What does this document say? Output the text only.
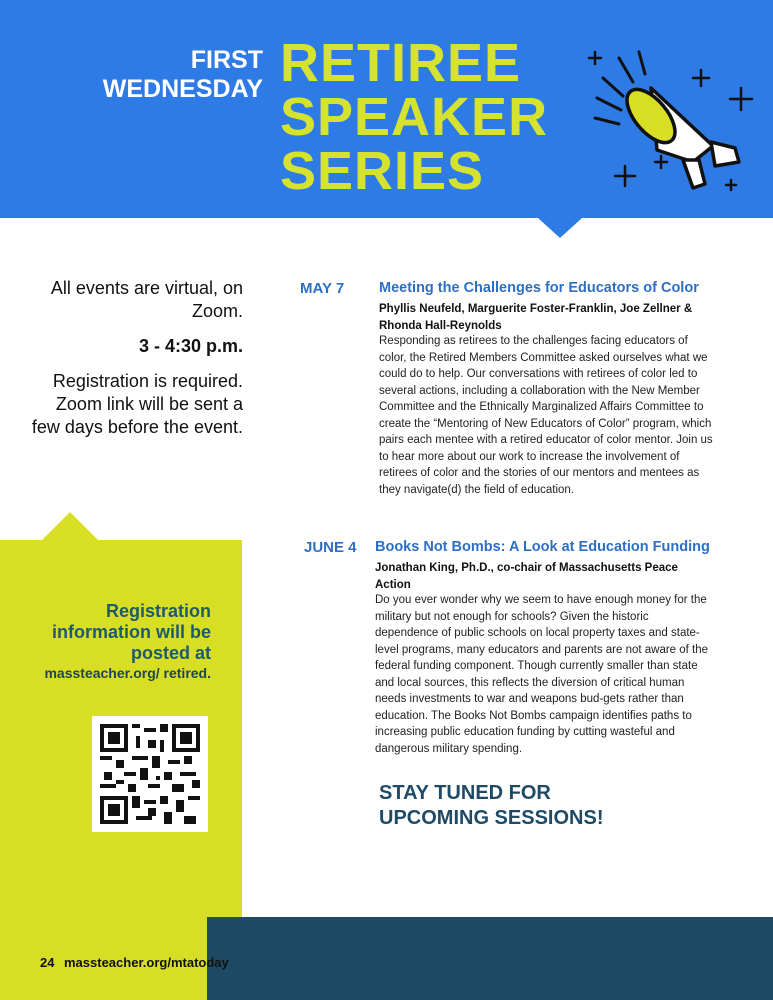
FIRST
WEDNESDAY RETIREE
SPEAKER
SERIES

All events are virtual, on Zoom.

3 - 4:30 p.m.

Registration is required. Zoom link will be sent a few days before the event.

Registration information will be posted at
massteacher.org/ retired.
MAY 7 Meeting the Challenges for Educators of Color
Phyllis Neufeld, Marguerite Foster-Franklin, Joe Zellner & Rhonda Hall-Reynolds
Responding as retirees to the challenges facing educators of color, the Retired Members Committee asked ourselves what we could do to help. Our conversations with retirees of color led to several actions, including a collaboration with the New Member Committee and the Ethnically Marginalized Affairs Committee to create the “Mentoring of New Educators of Color” program, which pairs each mentee with a retired educator of color mentor. Join us to hear more about our work to increase the involvement of retirees of color and the stories of our mentors and mentees as they navigate(d) the field of education.
JUNE 4 Books Not Bombs: A Look at Education Funding
Jonathan King, Ph.D., co-chair of Massachusetts Peace Action
Do you ever wonder why we seem to have enough money for the military but not enough for schools? Given the historic dependence of public schools on local property taxes and state-level programs, many educators and parents are not aware of the federal funding component. Though currently smaller than state and local sources, this reflects the diversion of critical human needs investments to war and weapons bud-gets rather than education. The Books Not Bombs campaign identifies paths to increasing public education funding by cutting wasteful and dangerous military spending.
STAY TUNED FOR
UPCOMING SESSIONS!
24 massteacher.org/mtatoday
